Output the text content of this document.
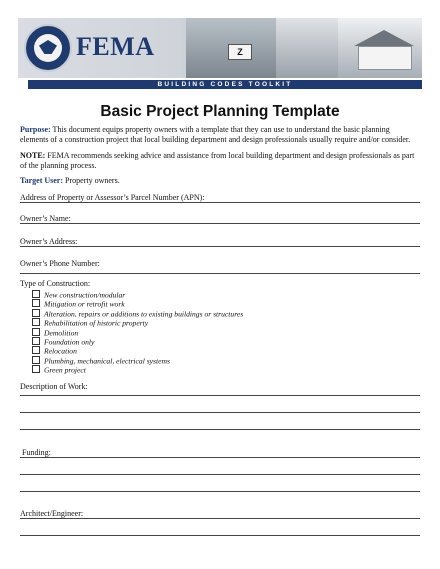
FEMA	Z
BUILDING CODES TOOLKIT
Basic Project Planning Template
Purpose: This document equips property owners with a template that they can use to understand the basic planning elements of a construction project that local building department and design professionals usually require and/or consider.
NOTE: FEMA recommends seeking advice and assistance from local building department and design professionals as part of the planning process.
Target User: Property owners.
Address of Property or Assessor’s Parcel Number (APN):
Owner’s Name:
Owner’s Address:
Owner’s Phone Number:
Type of Construction:
New construction/modular
Mitigation or retrofit work
Alteration, repairs or additions to existing buildings or structures
Rehabilitation of historic property
Demolition
Foundation only
Relocation
Plumbing, mechanical, electrical systems
Green project
Description of Work:
Funding:
Architect/Engineer:
